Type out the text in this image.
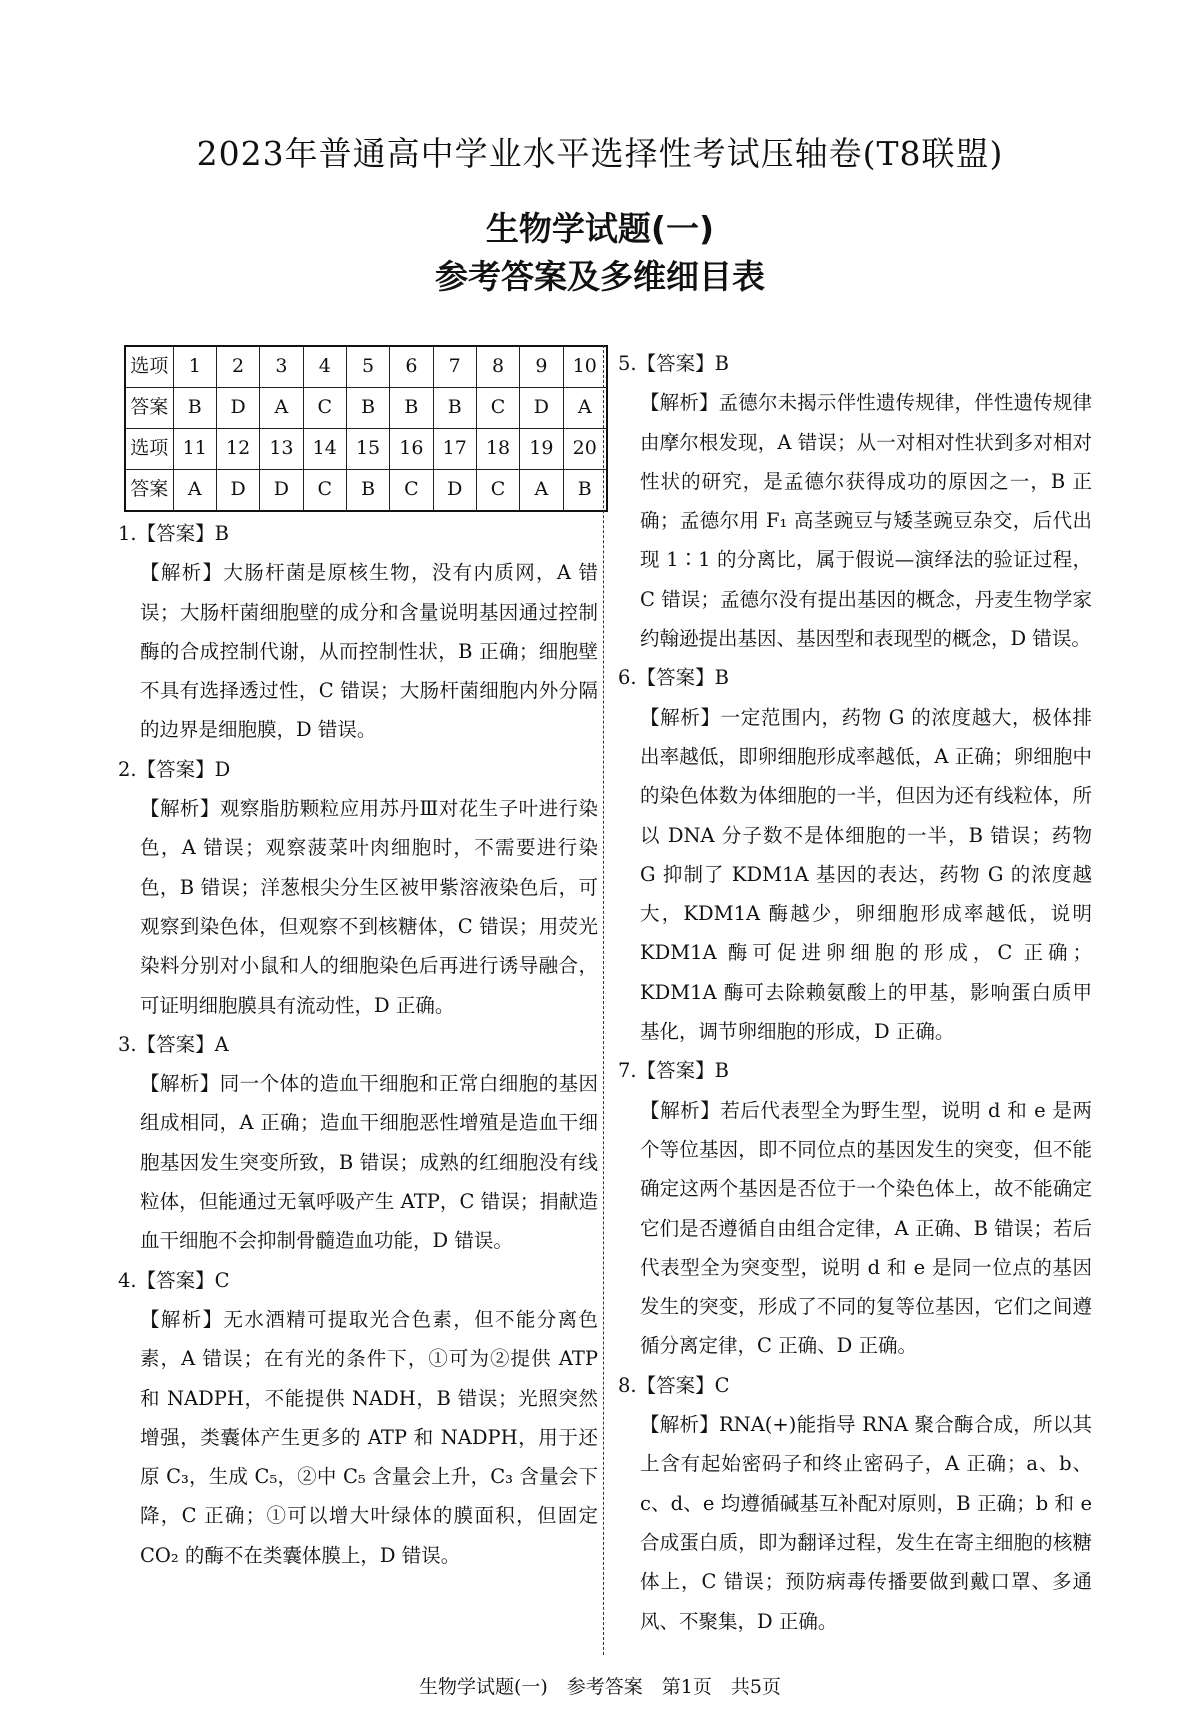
2023年普通高中学业水平选择性考试压轴卷(T8联盟)
生物学试题(一)
参考答案及多维细目表
选项	1	2	3	4	5	6	7	8	9	10
答案	B	D	A	C	B	B	B	C	D	A
选项	11	12	13	14	15	16	17	18	19	20
答案	A	D	D	C	B	C	D	C	A	B
1.【答案】B
【解析】大肠杆菌是原核生物，没有内质网，A 错误；大肠杆菌细胞壁的成分和含量说明基因通过控制酶的合成控制代谢，从而控制性状，B 正确；细胞壁不具有选择透过性，C 错误；大肠杆菌细胞内外分隔的边界是细胞膜，D 错误。
2.【答案】D
【解析】观察脂肪颗粒应用苏丹Ⅲ对花生子叶进行染色，A 错误；观察菠菜叶肉细胞时，不需要进行染色，B 错误；洋葱根尖分生区被甲紫溶液染色后，可观察到染色体，但观察不到核糖体，C 错误；用荧光染料分别对小鼠和人的细胞染色后再进行诱导融合，可证明细胞膜具有流动性，D 正确。
3.【答案】A
【解析】同一个体的造血干细胞和正常白细胞的基因组成相同，A 正确；造血干细胞恶性增殖是造血干细胞基因发生突变所致，B 错误；成熟的红细胞没有线粒体，但能通过无氧呼吸产生 ATP，C 错误；捐献造血干细胞不会抑制骨髓造血功能，D 错误。
4.【答案】C
【解析】无水酒精可提取光合色素，但不能分离色素，A 错误；在有光的条件下，①可为②提供 ATP 和 NADPH，不能提供 NADH，B 错误；光照突然增强，类囊体产生更多的 ATP 和 NADPH，用于还原 C₃，生成 C₅，②中 C₅ 含量会上升，C₃ 含量会下降，C 正确；①可以增大叶绿体的膜面积，但固定 CO₂ 的酶不在类囊体膜上，D 错误。
5.【答案】B
【解析】孟德尔未揭示伴性遗传规律，伴性遗传规律由摩尔根发现，A 错误；从一对相对性状到多对相对性状的研究，是孟德尔获得成功的原因之一，B 正确；孟德尔用 F₁ 高茎豌豆与矮茎豌豆杂交，后代出现 1∶1 的分离比，属于假说—演绎法的验证过程，C 错误；孟德尔没有提出基因的概念，丹麦生物学家约翰逊提出基因、基因型和表现型的概念，D 错误。
6.【答案】B
【解析】一定范围内，药物 G 的浓度越大，极体排出率越低，即卵细胞形成率越低，A 正确；卵细胞中的染色体数为体细胞的一半，但因为还有线粒体，所以 DNA 分子数不是体细胞的一半，B 错误；药物 G 抑制了 KDM1A 基因的表达，药物 G 的浓度越大，KDM1A 酶越少，卵细胞形成率越低，说明 KDM1A 酶可促进卵细胞的形成，C 正确；KDM1A 酶可去除赖氨酸上的甲基，影响蛋白质甲基化，调节卵细胞的形成，D 正确。
7.【答案】B
【解析】若后代表型全为野生型，说明 d 和 e 是两个等位基因，即不同位点的基因发生的突变，但不能确定这两个基因是否位于一个染色体上，故不能确定它们是否遵循自由组合定律，A 正确、B 错误；若后代表型全为突变型，说明 d 和 e 是同一位点的基因发生的突变，形成了不同的复等位基因，它们之间遵循分离定律，C 正确、D 正确。
8.【答案】C
【解析】RNA(+)能指导 RNA 聚合酶合成，所以其上含有起始密码子和终止密码子，A 正确；a、b、c、d、e 均遵循碱基互补配对原则，B 正确；b 和 e 合成蛋白质，即为翻译过程，发生在寄主细胞的核糖体上，C 错误；预防病毒传播要做到戴口罩、多通风、不聚集，D 正确。
生物学试题(一)　参考答案　第1页　共5页
